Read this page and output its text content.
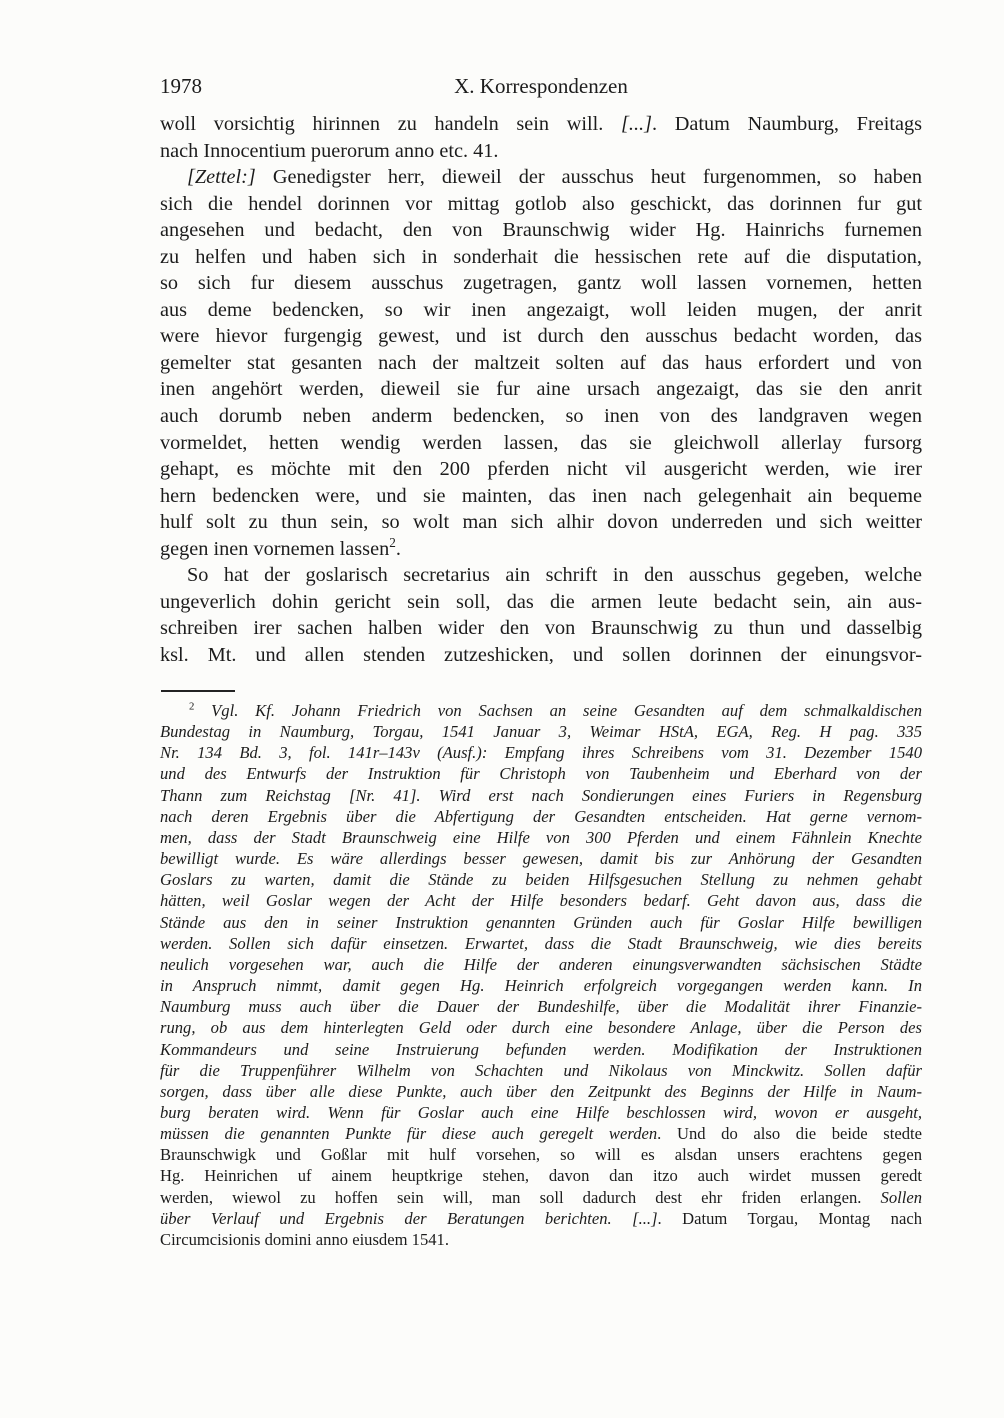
1978	X. Korrespondenzen
woll vorsichtig hirinnen zu handeln sein will. [...]. Datum Naumburg, Freitags
nach Innocentium puerorum anno etc. 41.
[Zettel:] Genedigster herr, dieweil der ausschus heut furgenommen, so haben
sich die hendel dorinnen vor mittag gotlob also geschickt, das dorinnen fur gut
angesehen und bedacht, den von Braunschwig wider Hg. Hainrichs furnemen
zu helfen und haben sich in sonderhait die hessischen rete auf die disputation,
so sich fur diesem ausschus zugetragen, gantz woll lassen vornemen, hetten
aus deme bedencken, so wir inen angezaigt, woll leiden mugen, der anrit
were hievor furgengig gewest, und ist durch den ausschus bedacht worden, das
gemelter stat gesanten nach der maltzeit solten auf das haus erfordert und von
inen angehört werden, dieweil sie fur aine ursach angezaigt, das sie den anrit
auch dorumb neben anderm bedencken, so inen von des landgraven wegen
vormeldet, hetten wendig werden lassen, das sie gleichwoll allerlay fursorg
gehapt, es möchte mit den 200 pferden nicht vil ausgericht werden, wie irer
hern bedencken were, und sie mainten, das inen nach gelegenhait ain bequeme
hulf solt zu thun sein, so wolt man sich alhir dovon underreden und sich weitter
gegen inen vornemen lassen$^2$.
So hat der goslarisch secretarius ain schrift in den ausschus gegeben, welche
ungeverlich dohin gericht sein soll, das die armen leute bedacht sein, ain aus-
schreiben irer sachen halben wider den von Braunschwig zu thun und dasselbig
ksl. Mt. und allen stenden zutzeshicken, und sollen dorinnen der einungsvor-
$^2$ Vgl. Kf. Johann Friedrich von Sachsen an seine Gesandten auf dem schmalkaldischen
Bundestag in Naumburg, Torgau, 1541 Januar 3, Weimar HStA, EGA, Reg. H pag. 335
Nr. 134 Bd. 3, fol. 141r–143v (Ausf.): Empfang ihres Schreibens vom 31. Dezember 1540
und des Entwurfs der Instruktion für Christoph von Taubenheim und Eberhard von der
Thann zum Reichstag [Nr. 41]. Wird erst nach Sondierungen eines Furiers in Regensburg
nach deren Ergebnis über die Abfertigung der Gesandten entscheiden. Hat gerne vernom-
men, dass der Stadt Braunschweig eine Hilfe von 300 Pferden und einem Fähnlein Knechte
bewilligt wurde. Es wäre allerdings besser gewesen, damit bis zur Anhörung der Gesandten
Goslars zu warten, damit die Stände zu beiden Hilfsgesuchen Stellung zu nehmen gehabt
hätten, weil Goslar wegen der Acht der Hilfe besonders bedarf. Geht davon aus, dass die
Stände aus den in seiner Instruktion genannten Gründen auch für Goslar Hilfe bewilligen
werden. Sollen sich dafür einsetzen. Erwartet, dass die Stadt Braunschweig, wie dies bereits
neulich vorgesehen war, auch die Hilfe der anderen einungsverwandten sächsischen Städte
in Anspruch nimmt, damit gegen Hg. Heinrich erfolgreich vorgegangen werden kann. In
Naumburg muss auch über die Dauer der Bundeshilfe, über die Modalität ihrer Finanzie-
rung, ob aus dem hinterlegten Geld oder durch eine besondere Anlage, über die Person des
Kommandeurs und seine Instruierung befunden werden. Modifikation der Instruktionen
für die Truppenführer Wilhelm von Schachten und Nikolaus von Minckwitz. Sollen dafür
sorgen, dass über alle diese Punkte, auch über den Zeitpunkt des Beginns der Hilfe in Naum-
burg beraten wird. Wenn für Goslar auch eine Hilfe beschlossen wird, wovon er ausgeht,
müssen die genannten Punkte für diese auch geregelt werden. Und do also die beide stedte
Braunschwigk und Goßlar mit hulf vorsehen, so will es alsdan unsers erachtens gegen
Hg. Heinrichen uf ainem heuptkrige stehen, davon dan itzo auch wirdet mussen geredt
werden, wiewol zu hoffen sein will, man soll dadurch dest ehr friden erlangen. Sollen
über Verlauf und Ergebnis der Beratungen berichten. [...]. Datum Torgau, Montag nach
Circumcisionis domini anno eiusdem 1541.
